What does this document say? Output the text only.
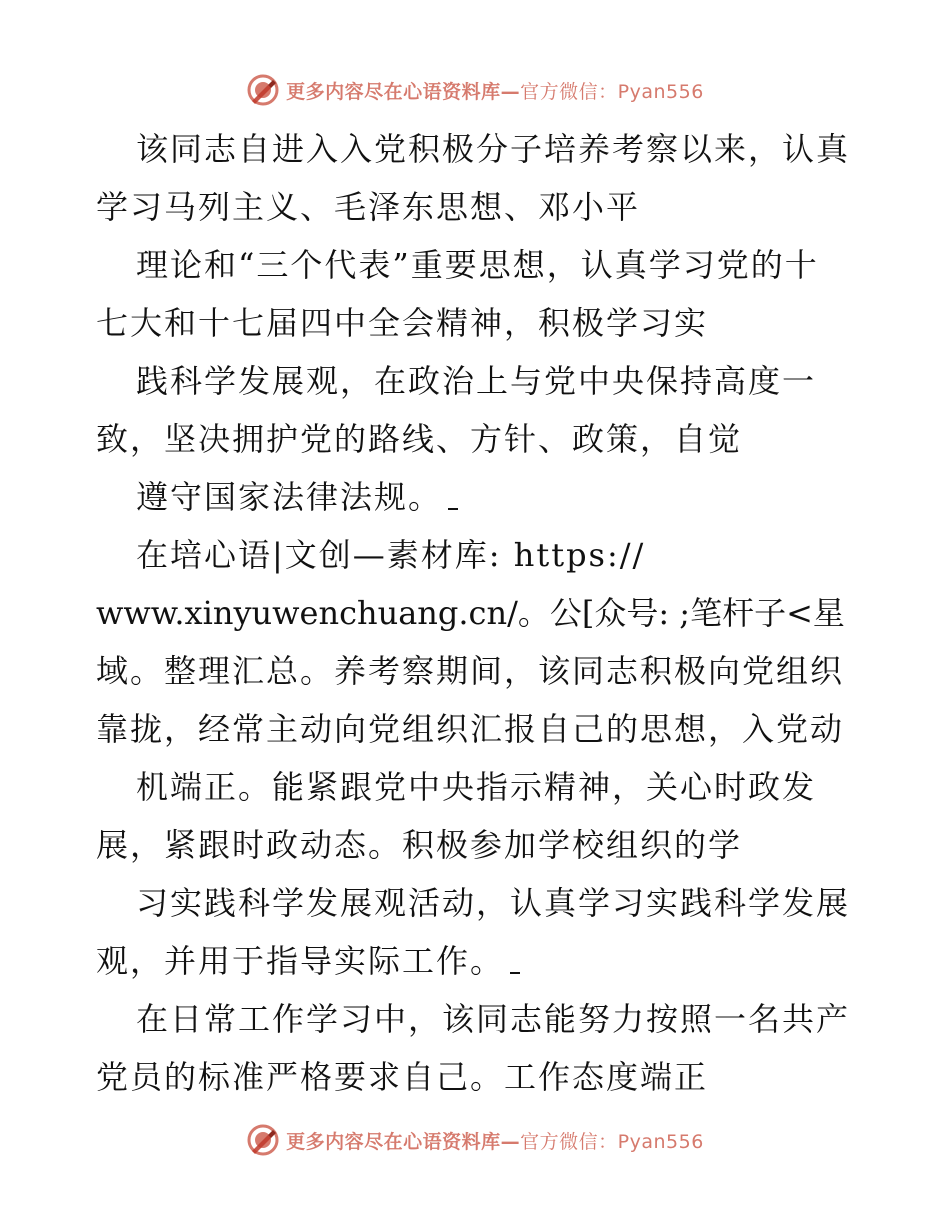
更多内容尽在心语资料库—官方微信：Pyan556
该同志自进入入党积极分子培养考察以来，认真
学习马列主义、毛泽东思想、邓小平
理论和“三个代表”重要思想，认真学习党的十
七大和十七届四中全会精神，积极学习实
践科学发展观，在政治上与党中央保持高度一
致，坚决拥护党的路线、方针、政策，自觉
遵守国家法律法规。
在培心语|文创—素材库: https://
www.xinyuwenchuang.cn/。公[众号: ;笔杆子<星
域。整理汇总。养考察期间，该同志积极向党组织
靠拢，经常主动向党组织汇报自己的思想，入党动
机端正。能紧跟党中央指示精神，关心时政发
展，紧跟时政动态。积极参加学校组织的学
习实践科学发展观活动，认真学习实践科学发展
观，并用于指导实际工作。
在日常工作学习中，该同志能努力按照一名共产
党员的标准严格要求自己。工作态度端正
更多内容尽在心语资料库—官方微信：Pyan556
